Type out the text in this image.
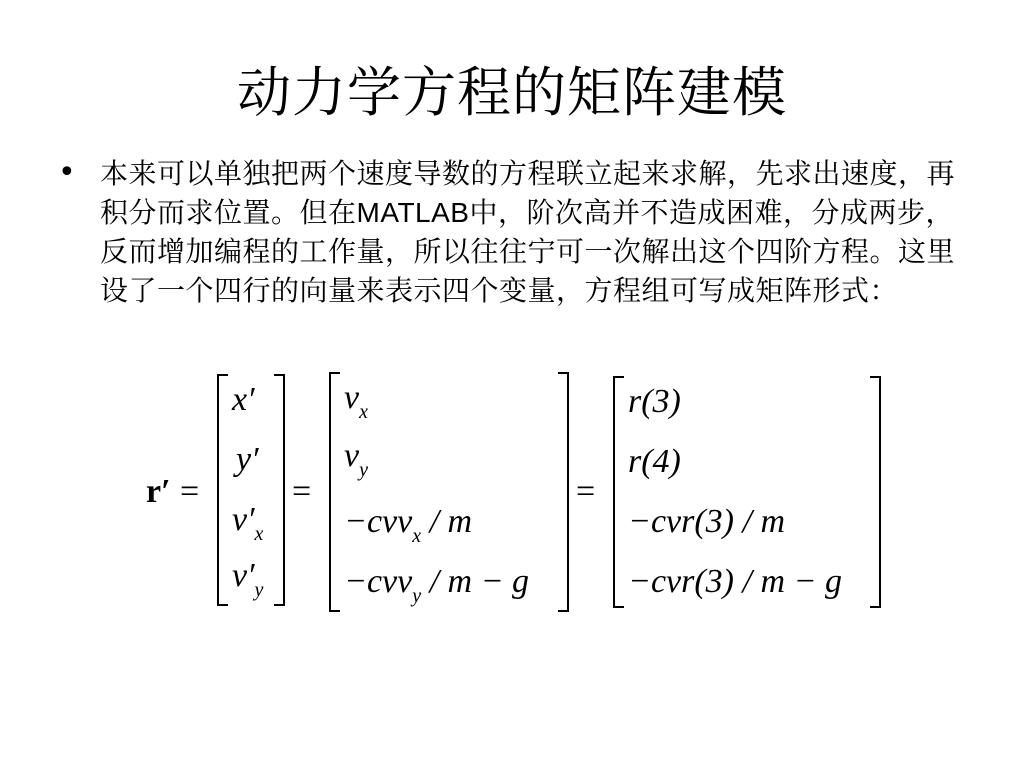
动力学方程的矩阵建模
• 本来可以单独把两个速度导数的方程联立起来求解，先求出速度，再积分而求位置。但在MATLAB中，阶次高并不造成困难，分成两步，反而增加编程的工作量，所以往往宁可一次解出这个四阶方程。这里设了一个四行的向量来表示四个变量，方程组可写成矩阵形式：
r′ =
x′
y′
$v'_x$
$v'_y$
=
$v_x$
$v_y$
−cvv$_x$ / m
−cvv$_y$ / m − g
=
r(3)
r(4)
−cvr(3) / m
−cvr(3) / m − g
